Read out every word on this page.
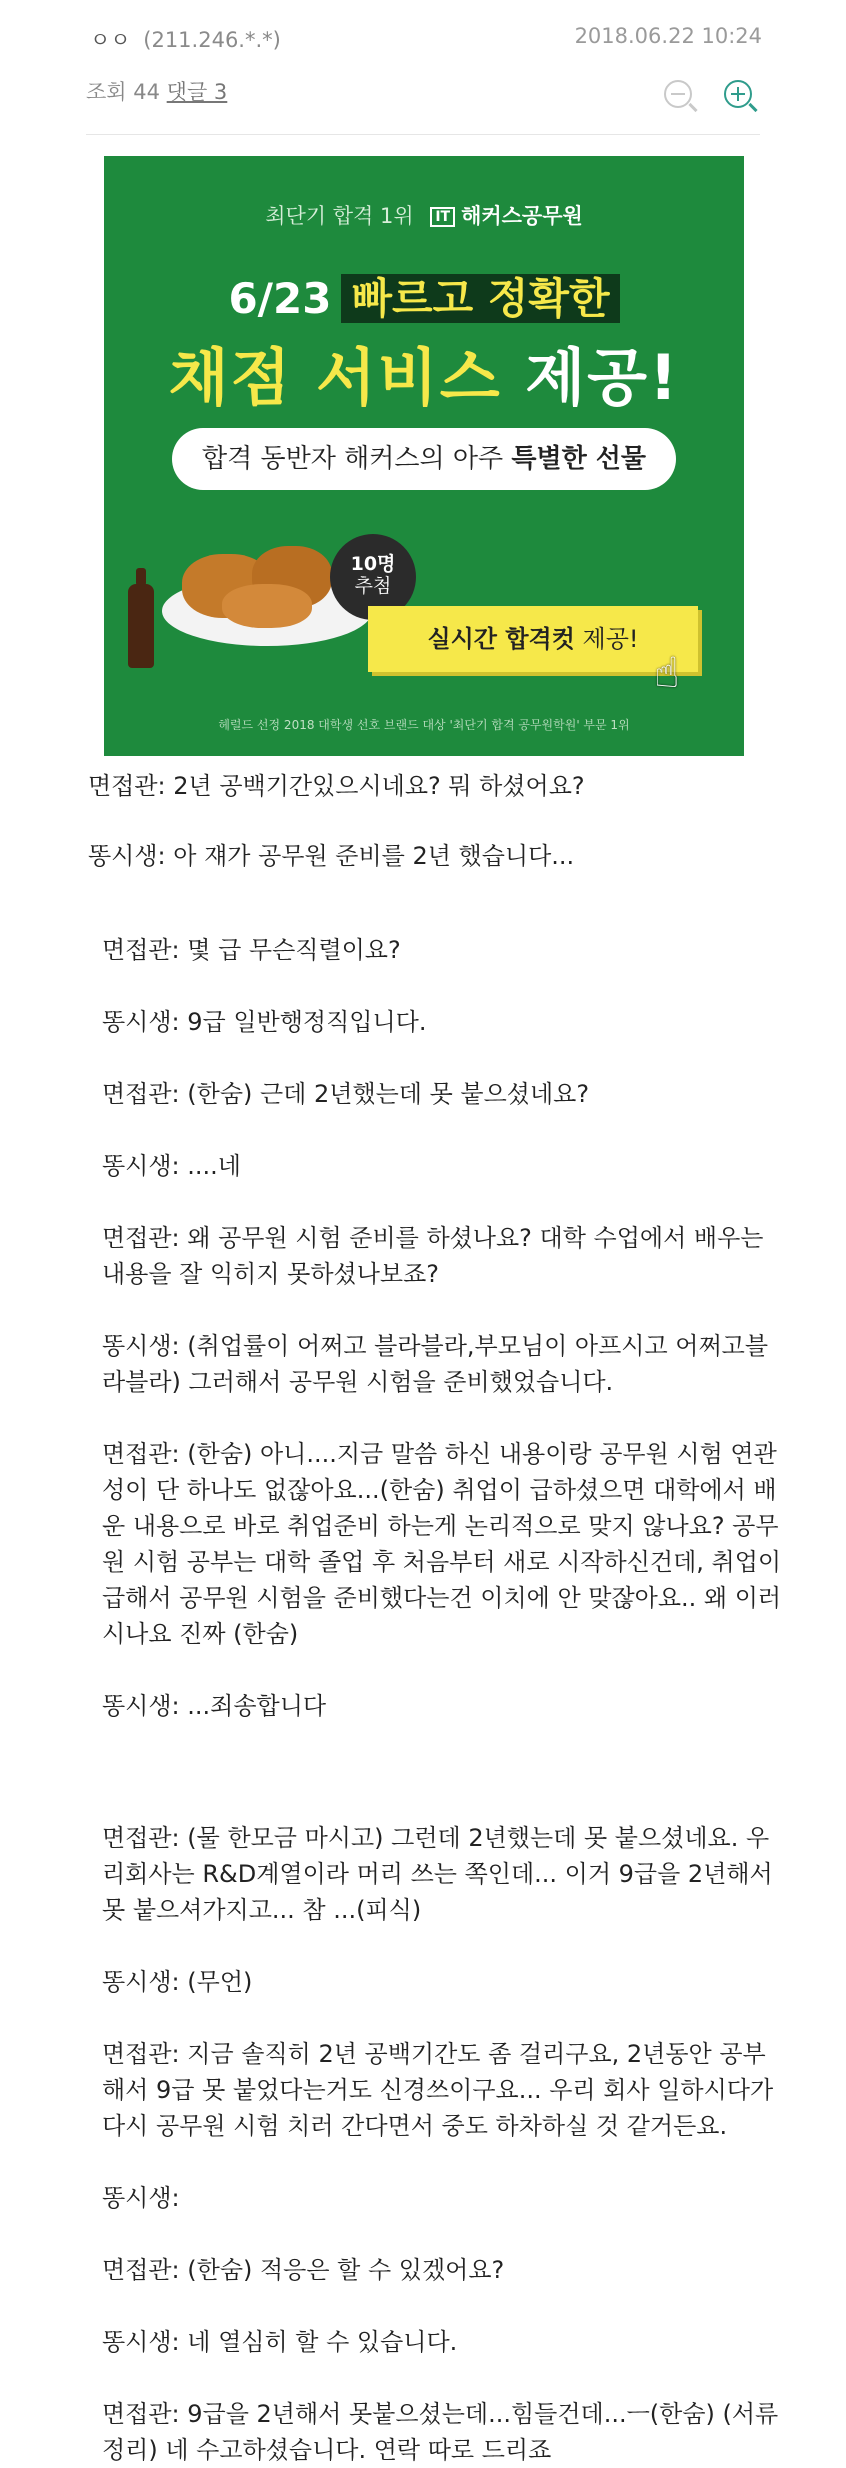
ㅇㅇ (211.246.*.*)	2018.06.22 10:24
조회 44 댓글 3
최단기 합격 1위 IT 해커스공무원
6/23 빠르고 정확한
채점 서비스 제공!
합격 동반자 해커스의 아주 특별한 선물
10명
추첨
실시간 합격컷 제공!
☝
헤럴드 선정 2018 대학생 선호 브랜드 대상 '최단기 합격 공무원학원' 부문 1위

면접관: 2년 공백기간있으시네요? 뭐 하셨어요?

똥시생: 아 쟤가 공무원 준비를 2년 했습니다...

면접관: 몇 급 무슨직렬이요?

똥시생: 9급 일반행정직입니다.

면접관: (한숨) 근데 2년했는데 못 붙으셨네요?

똥시생: ....네

면접관: 왜 공무원 시험 준비를 하셨나요? 대학 수업에서 배우는 내용을 잘 익히지 못하셨나보죠?

똥시생: (취업률이 어쩌고 블라블라,부모님이 아프시고 어쩌고블라블라) 그러해서 공무원 시험을 준비했었습니다.

면접관: (한숨) 아니....지금 말씀 하신 내용이랑 공무원 시험 연관성이 단 하나도 없잖아요...(한숨) 취업이 급하셨으면 대학에서 배운 내용으로 바로 취업준비 하는게 논리적으로 맞지 않나요? 공무원 시험 공부는 대학 졸업 후 처음부터 새로 시작하신건데, 취업이 급해서 공무원 시험을 준비했다는건 이치에 안 맞잖아요.. 왜 이러시나요 진짜 (한숨)

똥시생: ...죄송합니다

면접관: (물 한모금 마시고) 그런데 2년했는데 못 붙으셨네요. 우리회사는 R&D계열이라 머리 쓰는 쪽인데... 이거 9급을 2년해서 못 붙으셔가지고... 참 ...(피식)

똥시생: (무언)

면접관: 지금 솔직히 2년 공백기간도 좀 걸리구요, 2년동안 공부해서 9급 못 붙었다는거도 신경쓰이구요... 우리 회사 일하시다가 다시 공무원 시험 치러 간다면서 중도 하차하실 것 같거든요.

똥시생:

면접관: (한숨) 적응은 할 수 있겠어요?

똥시생: 네 열심히 할 수 있습니다.

면접관: 9급을 2년해서 못붙으셨는데...힘들건데...ㅡ(한숨) (서류 정리) 네 수고하셨습니다. 연락 따로 드리죠
